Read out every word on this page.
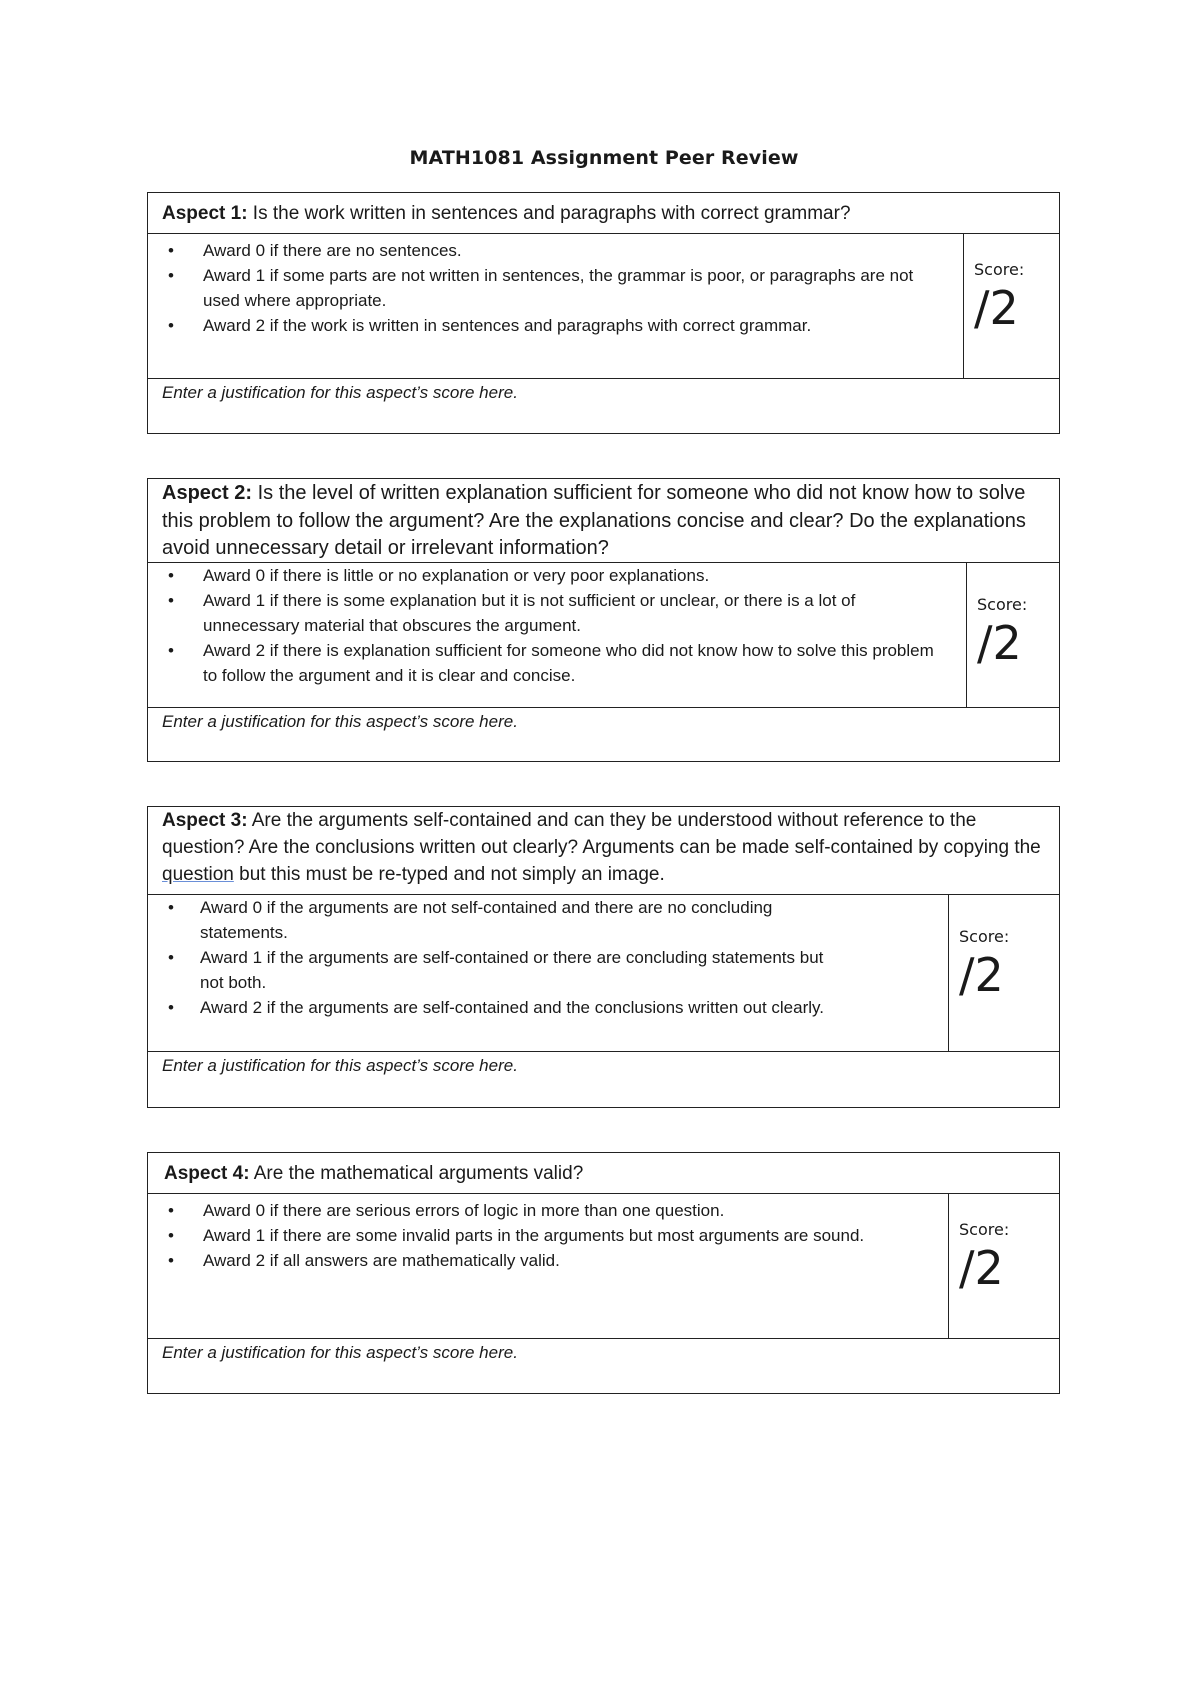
MATH1081 Assignment Peer Review
Aspect 1: Is the work written in sentences and paragraphs with correct grammar?
• Award 0 if there are no sentences.
• Award 1 if some parts are not written in sentences, the grammar is poor, or paragraphs are not used where appropriate.
• Award 2 if the work is written in sentences and paragraphs with correct grammar.
Score:
/2
Enter a justification for this aspect’s score here.
Aspect 2: Is the level of written explanation sufficient for someone who did not know how to solve this problem to follow the argument? Are the explanations concise and clear? Do the explanations avoid unnecessary detail or irrelevant information?
• Award 0 if there is little or no explanation or very poor explanations.
• Award 1 if there is some explanation but it is not sufficient or unclear, or there is a lot of unnecessary material that obscures the argument.
• Award 2 if there is explanation sufficient for someone who did not know how to solve this problem to follow the argument and it is clear and concise.
Score:
/2
Enter a justification for this aspect’s score here.
Aspect 3: Are the arguments self-contained and can they be understood without reference to the question? Are the conclusions written out clearly? Arguments can be made self-contained by copying the question but this must be re-typed and not simply an image.
• Award 0 if the arguments are not self-contained and there are no concluding statements.
• Award 1 if the arguments are self-contained or there are concluding statements but not both.
• Award 2 if the arguments are self-contained and the conclusions written out clearly.
Score:
/2
Enter a justification for this aspect’s score here.
Aspect 4: Are the mathematical arguments valid?
• Award 0 if there are serious errors of logic in more than one question.
• Award 1 if there are some invalid parts in the arguments but most arguments are sound.
• Award 2 if all answers are mathematically valid.
Score:
/2
Enter a justification for this aspect’s score here.
